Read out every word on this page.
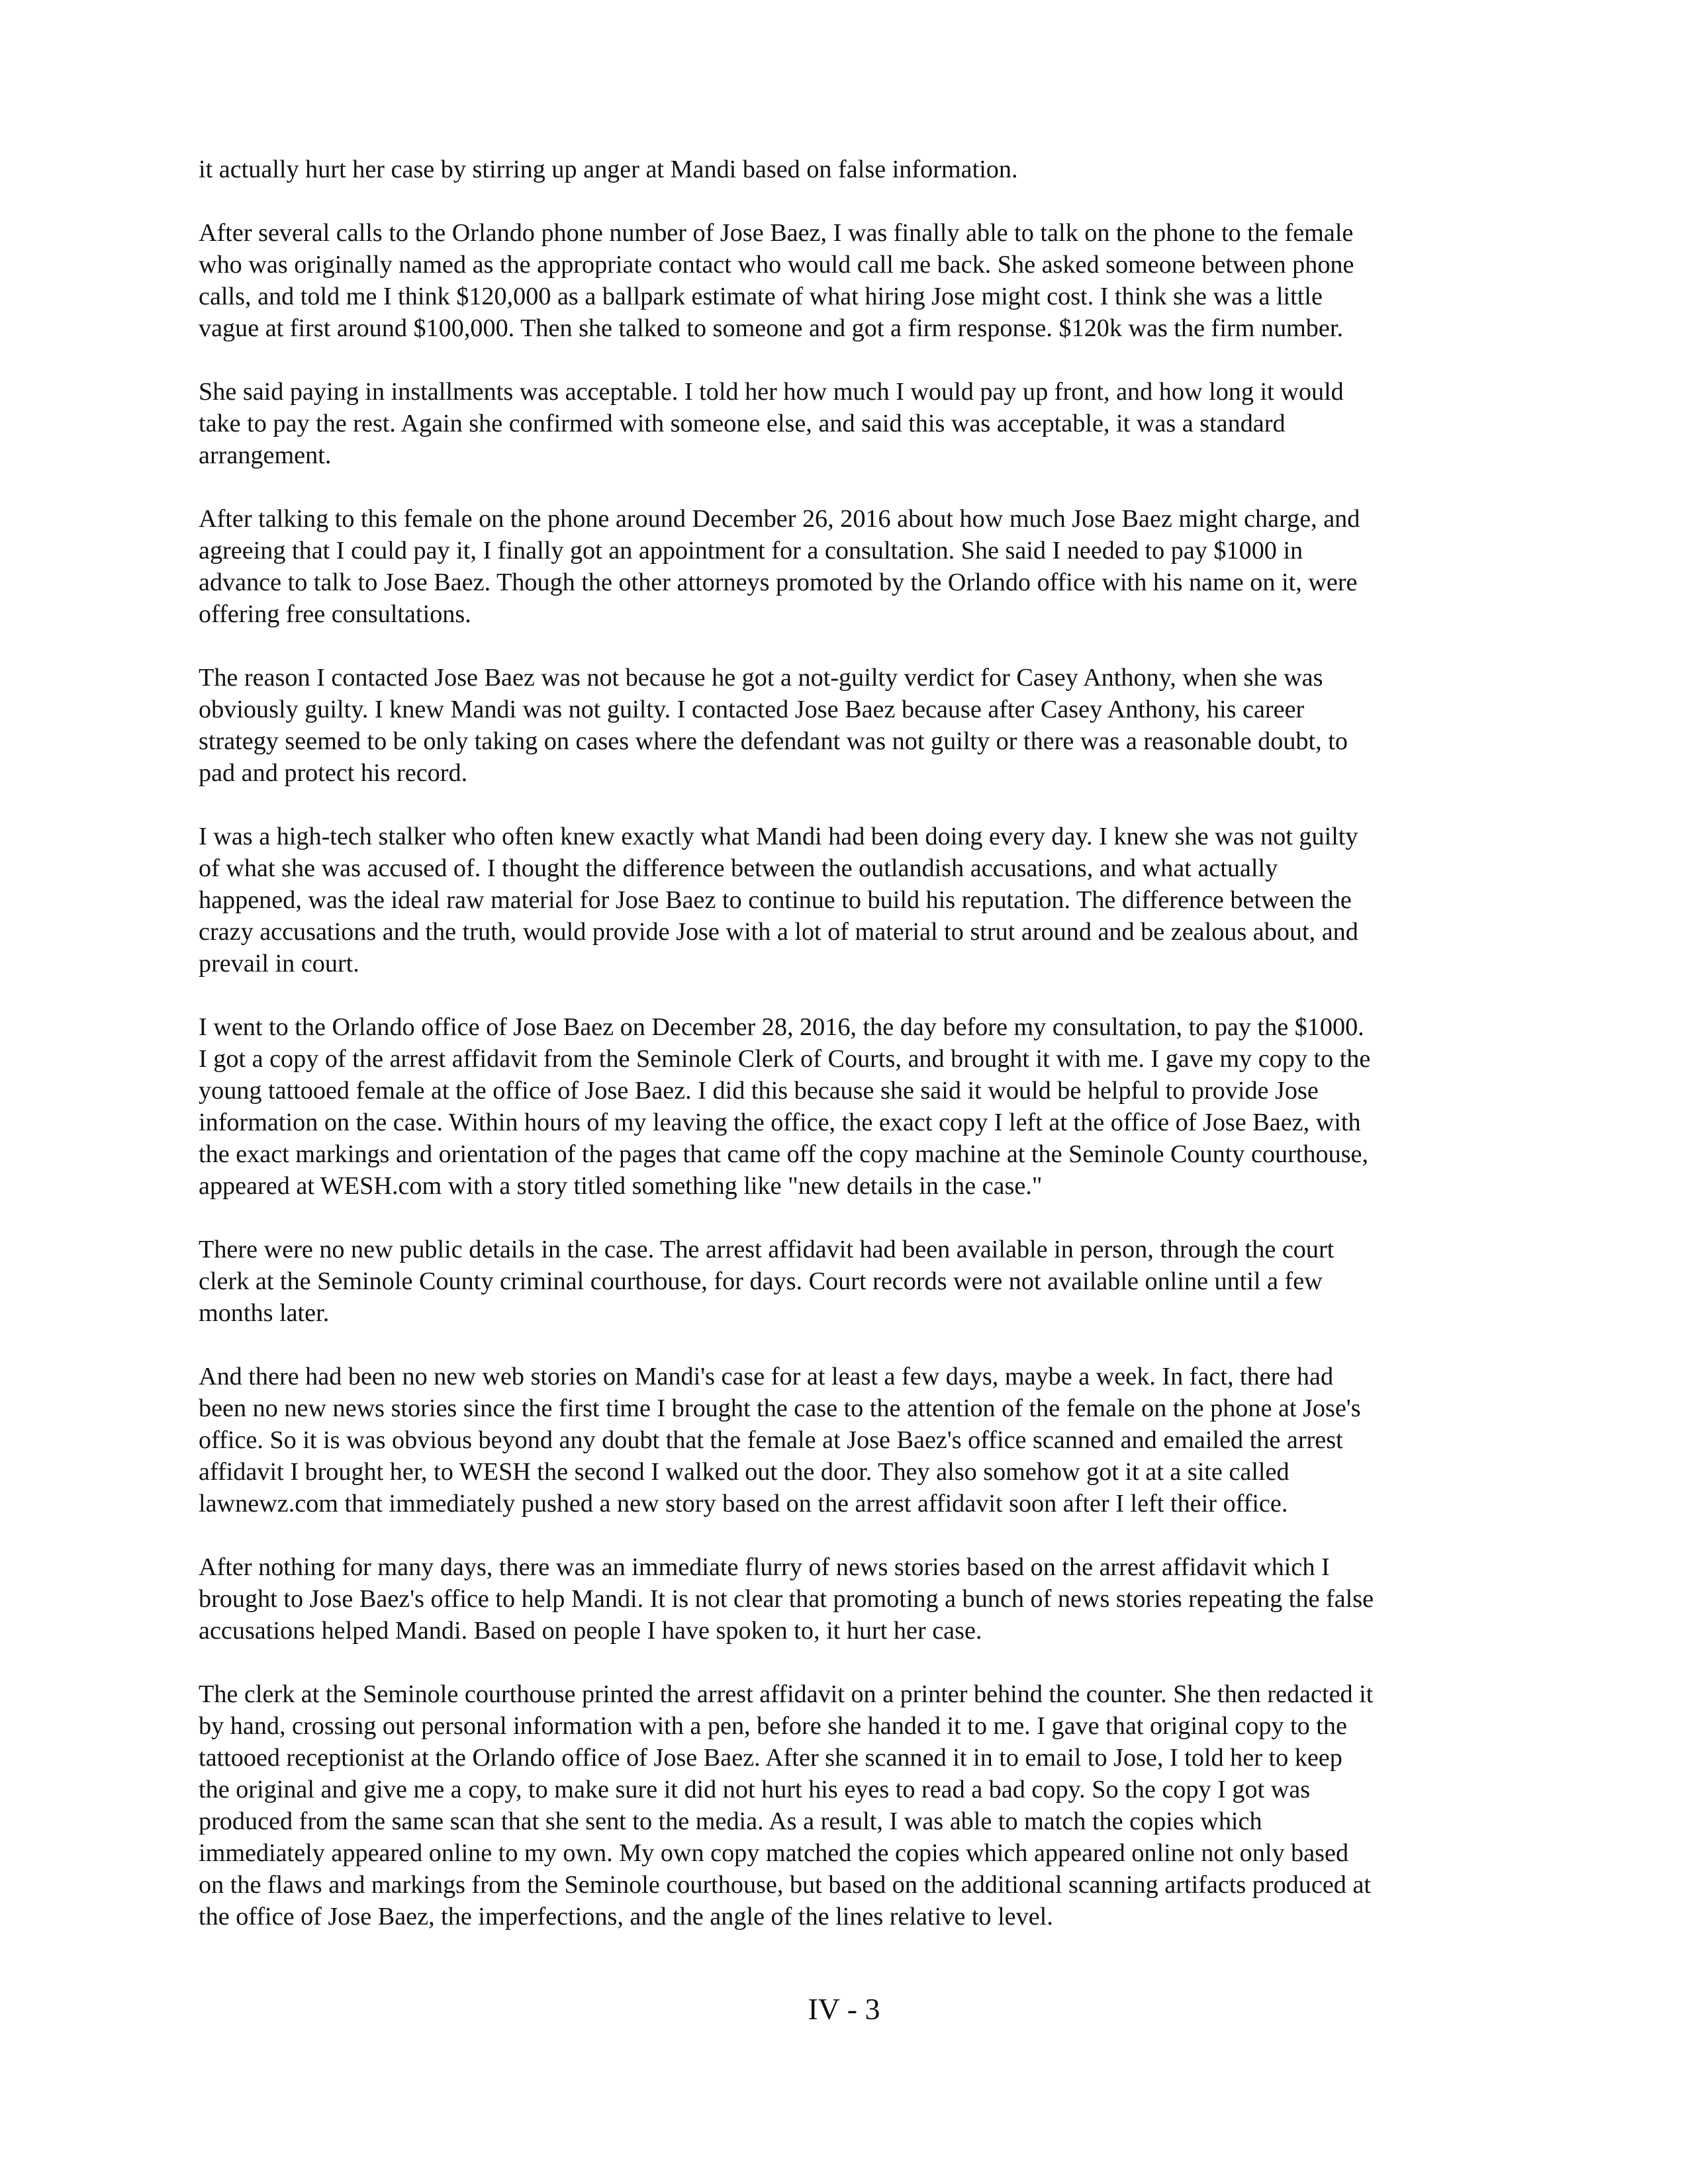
it actually hurt her case by stirring up anger at Mandi based on false information.

After several calls to the Orlando phone number of Jose Baez, I was finally able to talk on the phone to the female
who was originally named as the appropriate contact who would call me back. She asked someone between phone
calls, and told me I think $120,000 as a ballpark estimate of what hiring Jose might cost. I think she was a little
vague at first around $100,000. Then she talked to someone and got a firm response. $120k was the firm number.

She said paying in installments was acceptable. I told her how much I would pay up front, and how long it would
take to pay the rest. Again she confirmed with someone else, and said this was acceptable, it was a standard
arrangement.

After talking to this female on the phone around December 26, 2016 about how much Jose Baez might charge, and
agreeing that I could pay it, I finally got an appointment for a consultation. She said I needed to pay $1000 in
advance to talk to Jose Baez. Though the other attorneys promoted by the Orlando office with his name on it, were
offering free consultations.

The reason I contacted Jose Baez was not because he got a not-guilty verdict for Casey Anthony, when she was
obviously guilty. I knew Mandi was not guilty. I contacted Jose Baez because after Casey Anthony, his career
strategy seemed to be only taking on cases where the defendant was not guilty or there was a reasonable doubt, to
pad and protect his record.

I was a high-tech stalker who often knew exactly what Mandi had been doing every day. I knew she was not guilty
of what she was accused of. I thought the difference between the outlandish accusations, and what actually
happened, was the ideal raw material for Jose Baez to continue to build his reputation. The difference between the
crazy accusations and the truth, would provide Jose with a lot of material to strut around and be zealous about, and
prevail in court.

I went to the Orlando office of Jose Baez on December 28, 2016, the day before my consultation, to pay the $1000.
I got a copy of the arrest affidavit from the Seminole Clerk of Courts, and brought it with me. I gave my copy to the
young tattooed female at the office of Jose Baez. I did this because she said it would be helpful to provide Jose
information on the case. Within hours of my leaving the office, the exact copy I left at the office of Jose Baez, with
the exact markings and orientation of the pages that came off the copy machine at the Seminole County courthouse,
appeared at WESH.com with a story titled something like "new details in the case."

There were no new public details in the case. The arrest affidavit had been available in person, through the court
clerk at the Seminole County criminal courthouse, for days. Court records were not available online until a few
months later.

And there had been no new web stories on Mandi's case for at least a few days, maybe a week. In fact, there had
been no new news stories since the first time I brought the case to the attention of the female on the phone at Jose's
office. So it is was obvious beyond any doubt that the female at Jose Baez's office scanned and emailed the arrest
affidavit I brought her, to WESH the second I walked out the door. They also somehow got it at a site called
lawnewz.com that immediately pushed a new story based on the arrest affidavit soon after I left their office.

After nothing for many days, there was an immediate flurry of news stories based on the arrest affidavit which I
brought to Jose Baez's office to help Mandi. It is not clear that promoting a bunch of news stories repeating the false
accusations helped Mandi. Based on people I have spoken to, it hurt her case.

The clerk at the Seminole courthouse printed the arrest affidavit on a printer behind the counter. She then redacted it
by hand, crossing out personal information with a pen, before she handed it to me. I gave that original copy to the
tattooed receptionist at the Orlando office of Jose Baez. After she scanned it in to email to Jose, I told her to keep
the original and give me a copy, to make sure it did not hurt his eyes to read a bad copy. So the copy I got was
produced from the same scan that she sent to the media. As a result, I was able to match the copies which
immediately appeared online to my own. My own copy matched the copies which appeared online not only based
on the flaws and markings from the Seminole courthouse, but based on the additional scanning artifacts produced at
the office of Jose Baez, the imperfections, and the angle of the lines relative to level.

IV - 3
